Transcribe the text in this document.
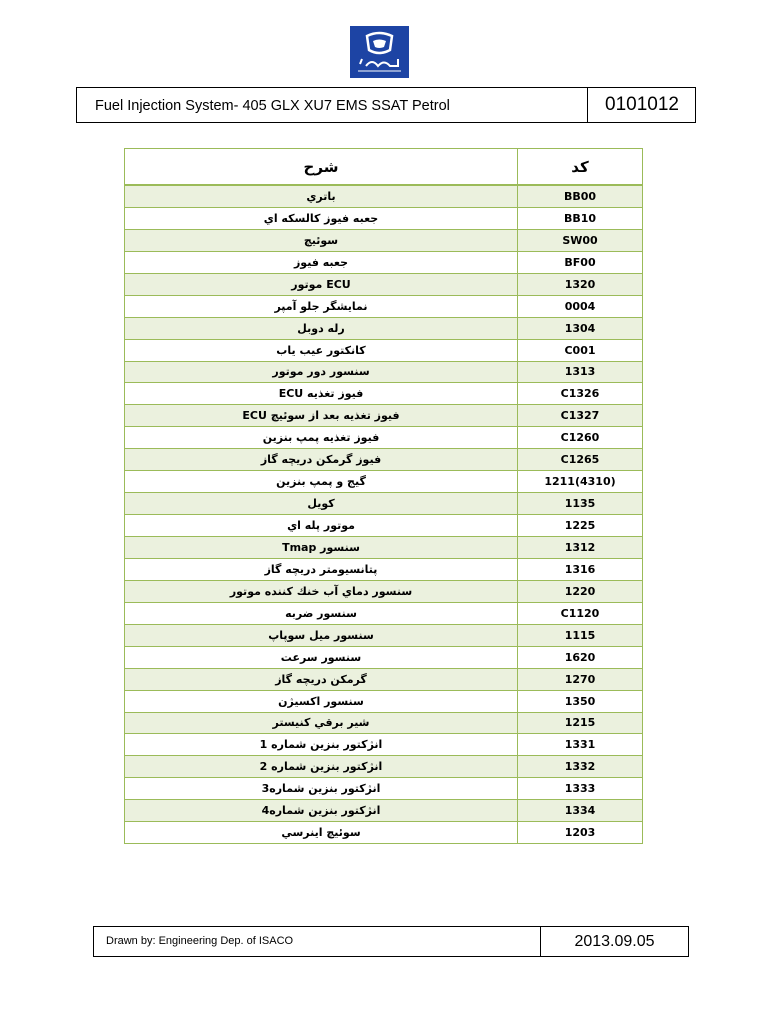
Fuel Injection System- 405 GLX XU7 EMS SSAT Petrol	0101012
شرح	کد
باتري	BB00
جعبه فيوز كالسكه اي	BB10
سوئيچ	SW00
جعبه فيوز	BF00
ECU موتور	1320
نمايشگر جلو آمپر	0004
رله دوبل	1304
كانكتور عيب ياب	C001
سنسور دور موتور	1313
فيوز تغذيه ECU	C1326
فيوز تغذيه بعد از سوئيچ ECU	C1327
فيوز تغذيه پمپ بنزين	C1260
فيوز گرمكن دريچه گاز	C1265
گيج و پمپ بنزين	1211(4310)
كويل	1135
موتور پله اي	1225
سنسور Tmap	1312
پتانسيومتر دريچه گاز	1316
سنسور دماي آب خنك كننده موتور	1220
سنسور ضربه	C1120
سنسور ميل سوپاپ	1115
سنسور سرعت	1620
گرمكن دريچه گاز	1270
سنسور اكسيژن	1350
شير برقي كنيستر	1215
انژكتور بنزين شماره 1	1331
انژكتور بنزين شماره 2	1332
انژكتور بنزين شماره3	1333
انژكتور بنزين شماره4	1334
سوئيچ اينرسي	1203
Drawn by: Engineering Dep. of ISACO	2013.09.05
